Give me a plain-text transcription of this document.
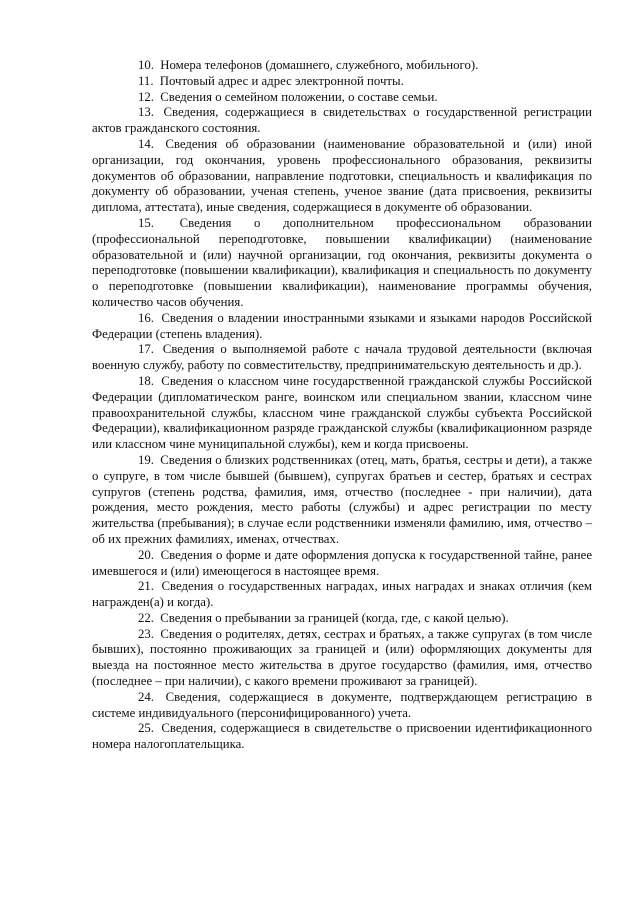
10. Номера телефонов (домашнего, служебного, мобильного).

11. Почтовый адрес и адрес электронной почты.

12. Сведения о семейном положении, о составе семьи.

13. Сведения, содержащиеся в свидетельствах о государственной регистрации актов гражданского состояния.

14. Сведения об образовании (наименование образовательной и (или) иной организации, год окончания, уровень профессионального образования, реквизиты документов об образовании, направление подготовки, специальность и квалификация по документу об образовании, ученая степень, ученое звание (дата присвоения, реквизиты диплома, аттестата), иные сведения, содержащиеся в документе об образовании.

15. Сведения о дополнительном профессиональном образовании (профессиональной переподготовке, повышении квалификации) (наименование образовательной и (или) научной организации, год окончания, реквизиты документа о переподготовке (повышении квалификации), квалификация и специальность по документу о переподготовке (повышении квалификации), наименование программы обучения, количество часов обучения.

16. Сведения о владении иностранными языками и языками народов Российской Федерации (степень владения).

17. Сведения о выполняемой работе с начала трудовой деятельности (включая военную службу, работу по совместительству, предпринимательскую деятельность и др.).

18. Сведения о классном чине государственной гражданской службы Российской Федерации (дипломатическом ранге, воинском или специальном звании, классном чине правоохранительной службы, классном чине гражданской службы субъекта Российской Федерации), квалификационном разряде гражданской службы (квалификационном разряде или классном чине муниципальной службы), кем и когда присвоены.

19. Сведения о близких родственниках (отец, мать, братья, сестры и дети), а также о супруге, в том числе бывшей (бывшем), супругах братьев и сестер, братьях и сестрах супругов (степень родства, фамилия, имя, отчество (последнее - при наличии), дата рождения, место рождения, место работы (службы) и адрес регистрации по месту жительства (пребывания); в случае если родственники изменяли фамилию, имя, отчество – об их прежних фамилиях, именах, отчествах.

20. Сведения о форме и дате оформления допуска к государственной тайне, ранее имевшегося и (или) имеющегося в настоящее время.

21. Сведения о государственных наградах, иных наградах и знаках отличия (кем награжден(а) и когда).

22. Сведения о пребывании за границей (когда, где, с какой целью).

23. Сведения о родителях, детях, сестрах и братьях, а также супругах (в том числе бывших), постоянно проживающих за границей и (или) оформляющих документы для выезда на постоянное место жительства в другое государство (фамилия, имя, отчество (последнее – при наличии), с какого времени проживают за границей).

24. Сведения, содержащиеся в документе, подтверждающем регистрацию в системе индивидуального (персонифицированного) учета.

25. Сведения, содержащиеся в свидетельстве о присвоении идентификационного номера налогоплательщика.
